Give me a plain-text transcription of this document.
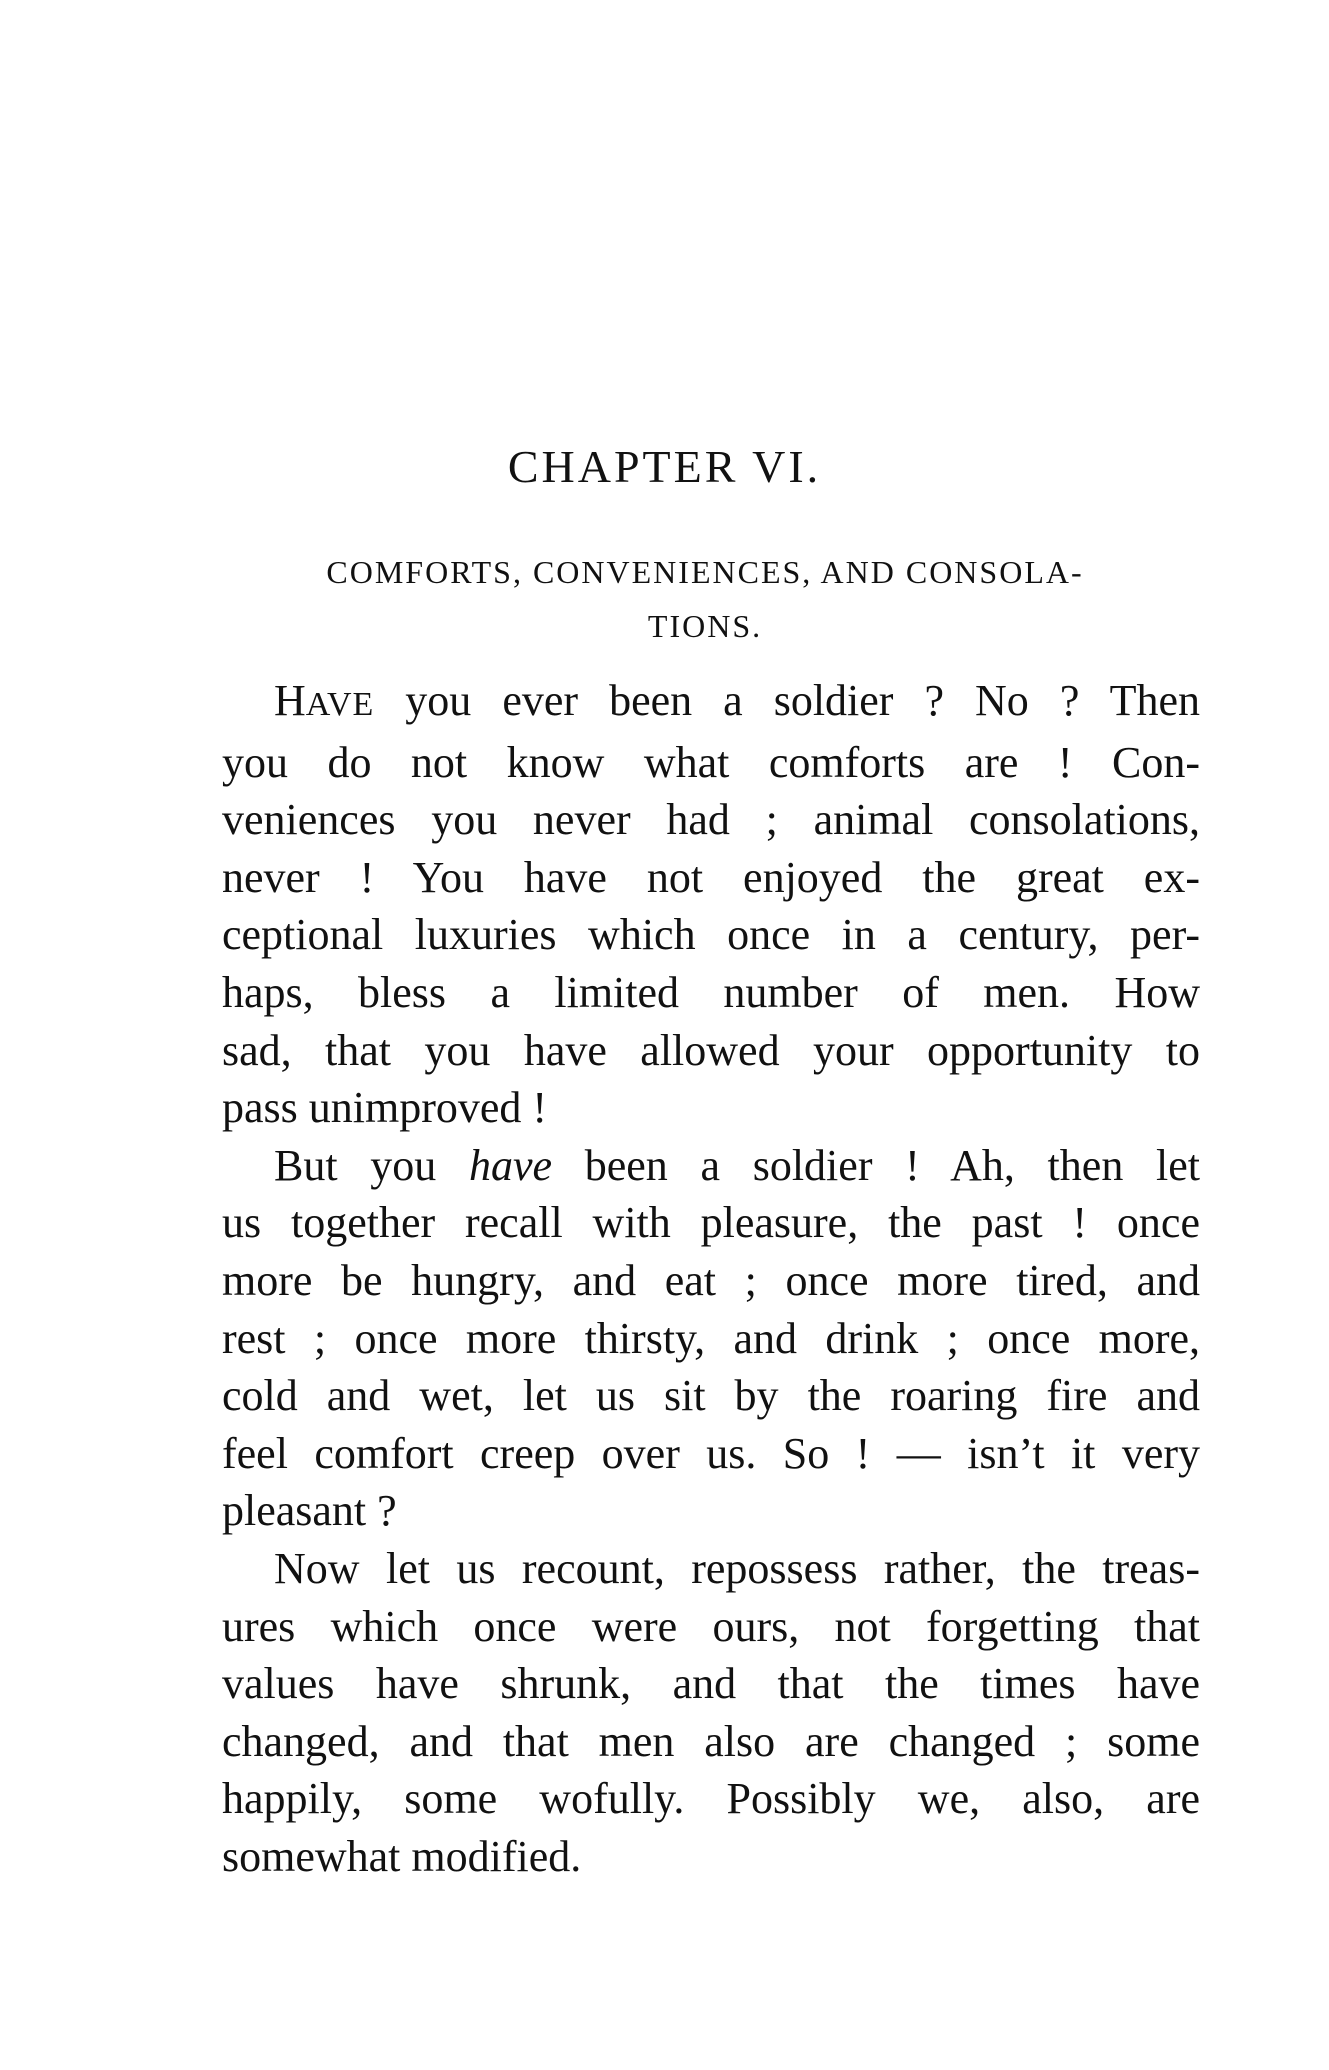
CHAPTER VI.
COMFORTS, CONVENIENCES, AND CONSOLA-
TIONS.
HAVE you ever been a soldier ? No ? Then
you do not know what comforts are ! Con-
veniences you never had ; animal consolations,
never ! You have not enjoyed the great ex-
ceptional luxuries which once in a century, per-
haps, bless a limited number of men. How
sad, that you have allowed your opportunity to
pass unimproved !
But you have been a soldier ! Ah, then let
us together recall with pleasure, the past ! once
more be hungry, and eat ; once more tired, and
rest ; once more thirsty, and drink ; once more,
cold and wet, let us sit by the roaring fire and
feel comfort creep over us. So ! — isn’t it very
pleasant ?
Now let us recount, repossess rather, the treas-
ures which once were ours, not forgetting that
values have shrunk, and that the times have
changed, and that men also are changed ; some
happily, some wofully. Possibly we, also, are
somewhat modified.
